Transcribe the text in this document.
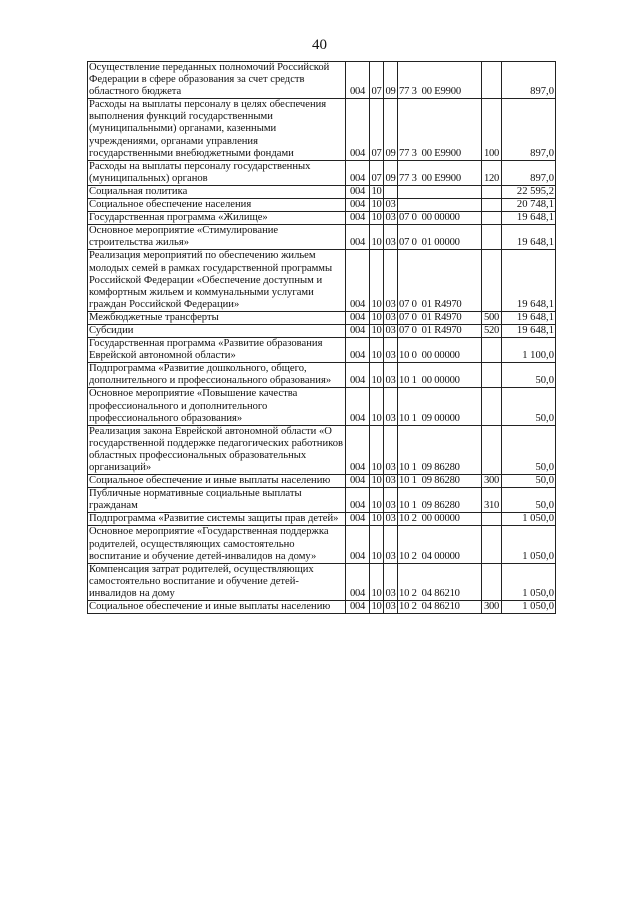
40
Осуществление переданных полномочий Российской Федерации в сфере образования за счет средств областного бюджета	004	07	09	77 3  00 E9900		897,0
Расходы на выплаты персоналу в целях обеспечения выполнения функций государственными (муниципальными) органами, казенными учреждениями, органами управления государственными внебюджетными фондами	004	07	09	77 3  00 E9900	100	897,0
Расходы на выплаты персоналу государственных (муниципальных) органов	004	07	09	77 3  00 E9900	120	897,0
Социальная политика	004	10				22 595,2
Социальное обеспечение населения	004	10	03			20 748,1
Государственная программа «Жилище»	004	10	03	07 0  00 00000		19 648,1
Основное мероприятие «Стимулирование строительства жилья»	004	10	03	07 0  01 00000		19 648,1
Реализация мероприятий по обеспечению жильем молодых семей в рамках государственной программы Российской Федерации «Обеспечение доступным и комфортным жильем и коммунальными услугами граждан Российской Федерации»	004	10	03	07 0  01 R4970		19 648,1
Межбюджетные трансферты	004	10	03	07 0  01 R4970	500	19 648,1
Субсидии	004	10	03	07 0  01 R4970	520	19 648,1
Государственная программа «Развитие образования Еврейской автономной области»	004	10	03	10 0  00 00000		1 100,0
Подпрограмма «Развитие дошкольного, общего, дополнительного и профессионального образования»	004	10	03	10 1  00 00000		50,0
Основное мероприятие «Повышение качества профессионального и дополнительного профессионального образования»	004	10	03	10 1  09 00000		50,0
Реализация закона Еврейской автономной области «О государственной поддержке педагогических работников областных профессиональных образовательных организаций»	004	10	03	10 1  09 86280		50,0
Социальное обеспечение и иные выплаты населению	004	10	03	10 1  09 86280	300	50,0
Публичные нормативные социальные выплаты гражданам	004	10	03	10 1  09 86280	310	50,0
Подпрограмма «Развитие системы защиты прав детей»	004	10	03	10 2  00 00000		1 050,0
Основное мероприятие «Государственная поддержка родителей, осуществляющих самостоятельно воспитание и обучение детей-инвалидов на дому»	004	10	03	10 2  04 00000		1 050,0
Компенсация затрат родителей, осуществляющих самостоятельно воспитание и обучение детей-инвалидов на дому	004	10	03	10 2  04 86210		1 050,0
Социальное обеспечение и иные выплаты населению	004	10	03	10 2  04 86210	300	1 050,0
